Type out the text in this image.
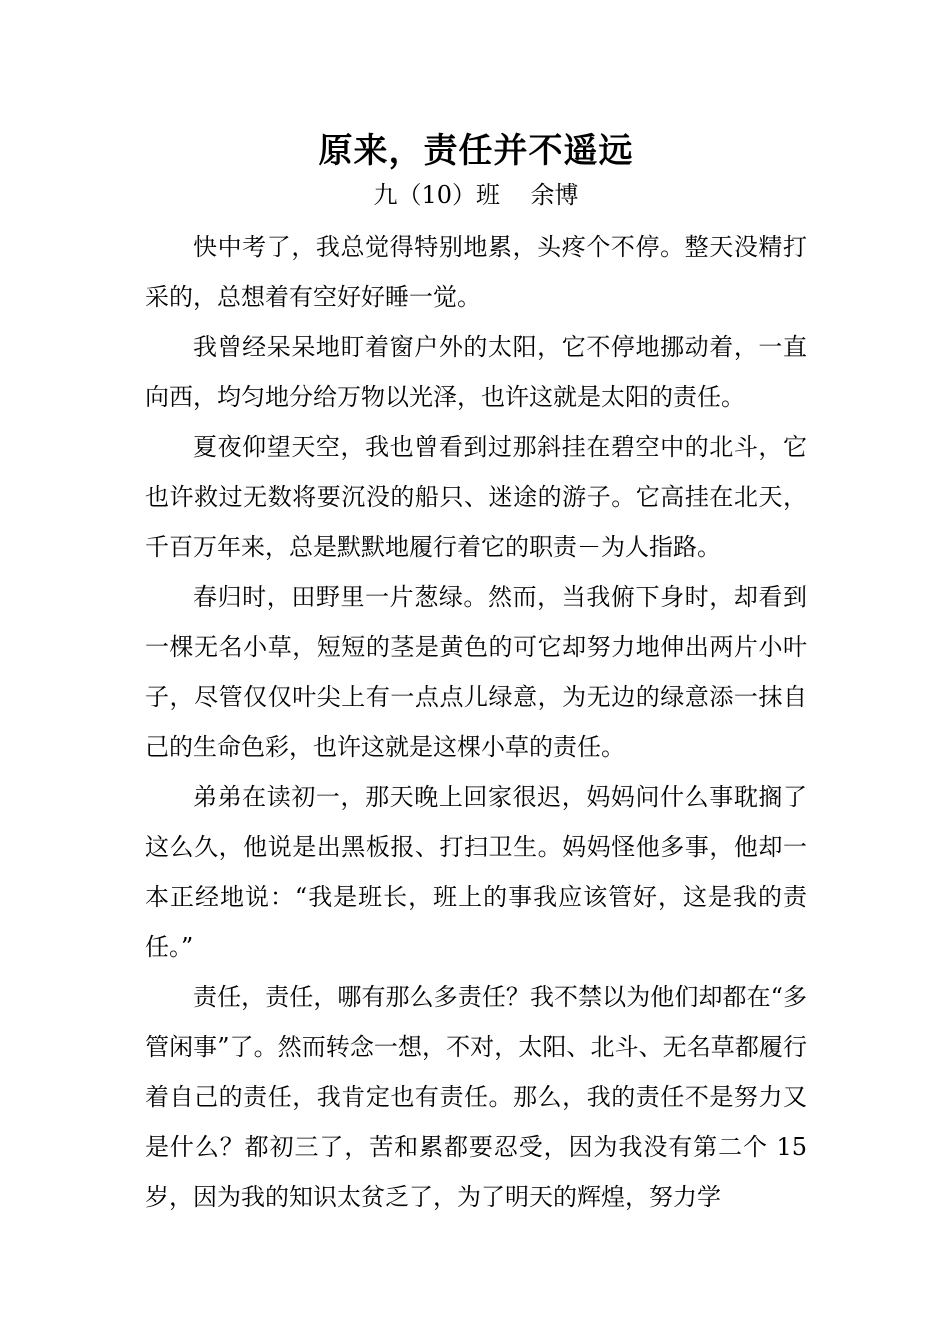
原来，责任并不遥远
九（10）班    余博

快中考了，我总觉得特别地累，头疼个不停。整天没精打采的，总想着有空好好睡一觉。

我曾经呆呆地盯着窗户外的太阳，它不停地挪动着，一直向西，均匀地分给万物以光泽，也许这就是太阳的责任。

夏夜仰望天空，我也曾看到过那斜挂在碧空中的北斗，它也许救过无数将要沉没的船只、迷途的游子。它高挂在北天，千百万年来，总是默默地履行着它的职责－为人指路。

春归时，田野里一片葱绿。然而，当我俯下身时，却看到一棵无名小草，短短的茎是黄色的可它却努力地伸出两片小叶子，尽管仅仅叶尖上有一点点儿绿意，为无边的绿意添一抹自己的生命色彩，也许这就是这棵小草的责任。

弟弟在读初一，那天晚上回家很迟，妈妈问什么事耽搁了这么久，他说是出黑板报、打扫卫生。妈妈怪他多事，他却一本正经地说：“我是班长，班上的事我应该管好，这是我的责任。”

责任，责任，哪有那么多责任？我不禁以为他们却都在“多管闲事”了。然而转念一想，不对，太阳、北斗、无名草都履行着自己的责任，我肯定也有责任。那么，我的责任不是努力又是什么？都初三了，苦和累都要忍受，因为我没有第二个 15 岁，因为我的知识太贫乏了，为了明天的辉煌，努力学
